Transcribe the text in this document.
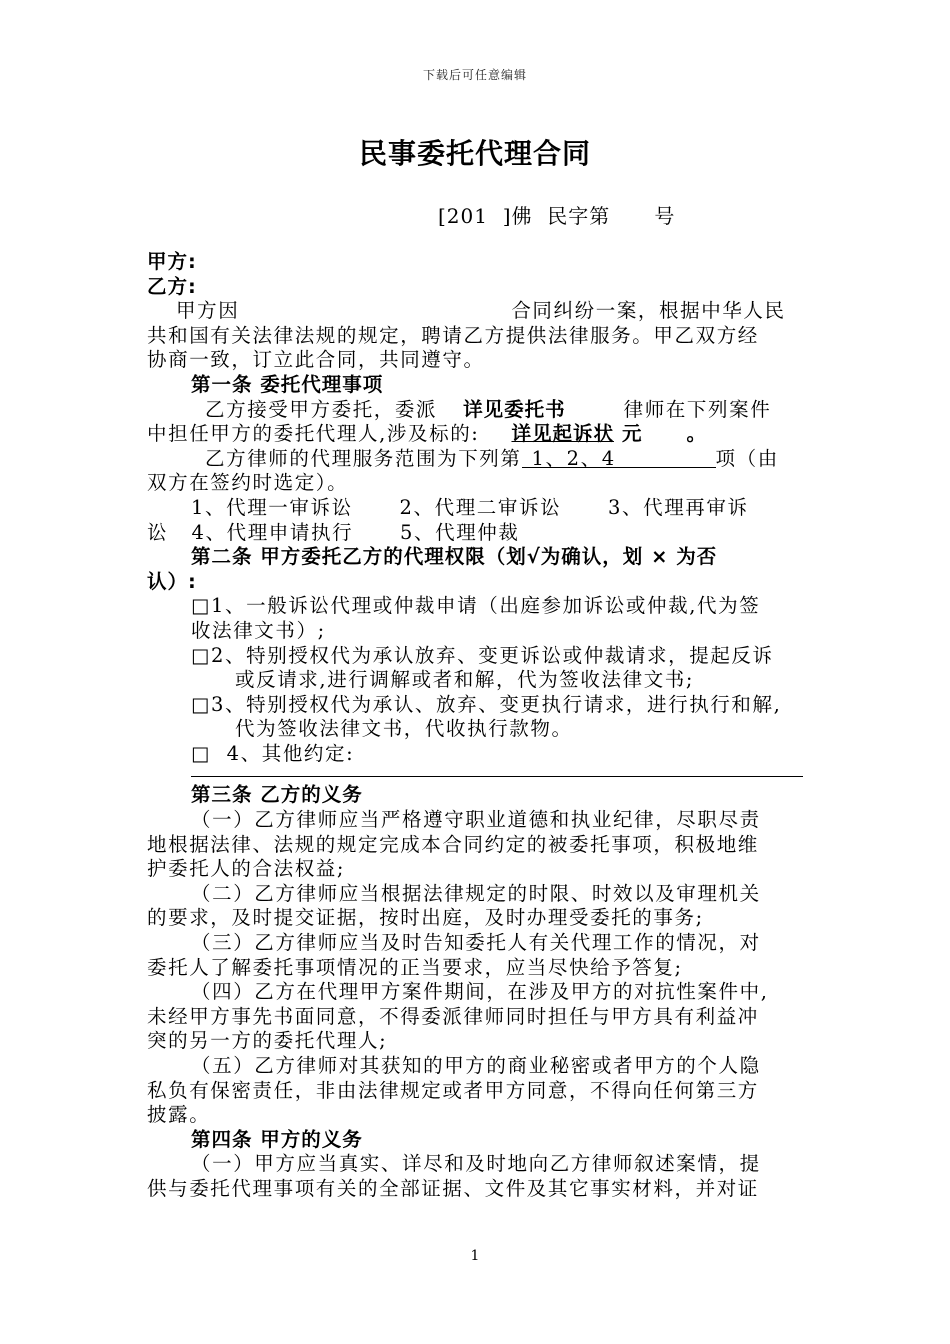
下载后可任意编辑
民事委托代理合同
[201  ]佛  民字第      号
甲方:
乙方:
甲方因	合同纠纷一案，根据中华人民
共和国有关法律法规的规定，聘请乙方提供法律服务。甲乙双方经
协商一致，订立此合同，共同遵守。
第一条 委托代理事项
乙方接受甲方委托，委派 详见委托书	律师在下列案件
中担任甲方的委托代理人,涉及标的: 详见起诉状 元 。
乙方律师的代理服务范围为下列第 1、2、4	项（由
双方在签约时选定）。
1、代理一审诉讼      2、代理二审诉讼      3、代理再审诉
讼   4、代理申请执行      5、代理仲裁
第二条 甲方委托乙方的代理权限（划√为确认，划 × 为否
认）:
□1、一般诉讼代理或仲裁申请（出庭参加诉讼或仲裁,代为签
收法律文书）;
□2、特别授权代为承认放弃、变更诉讼或仲裁请求，提起反诉
或反请求,进行调解或者和解，代为签收法律文书;
□3、特别授权代为承认、放弃、变更执行请求，进行执行和解,
代为签收法律文书，代收执行款物。
□  4、其他约定:
第三条 乙方的义务
（一）乙方律师应当严格遵守职业道德和执业纪律，尽职尽责
地根据法律、法规的规定完成本合同约定的被委托事项，积极地维
护委托人的合法权益;
（二）乙方律师应当根据法律规定的时限、时效以及审理机关
的要求，及时提交证据，按时出庭，及时办理受委托的事务;
（三）乙方律师应当及时告知委托人有关代理工作的情况，对
委托人了解委托事项情况的正当要求，应当尽快给予答复;
（四）乙方在代理甲方案件期间，在涉及甲方的对抗性案件中,
未经甲方事先书面同意，不得委派律师同时担任与甲方具有利益冲
突的另一方的委托代理人;
（五）乙方律师对其获知的甲方的商业秘密或者甲方的个人隐
私负有保密责任，非由法律规定或者甲方同意，不得向任何第三方
披露。
第四条 甲方的义务
（一）甲方应当真实、详尽和及时地向乙方律师叙述案情，提
供与委托代理事项有关的全部证据、文件及其它事实材料，并对证
1
